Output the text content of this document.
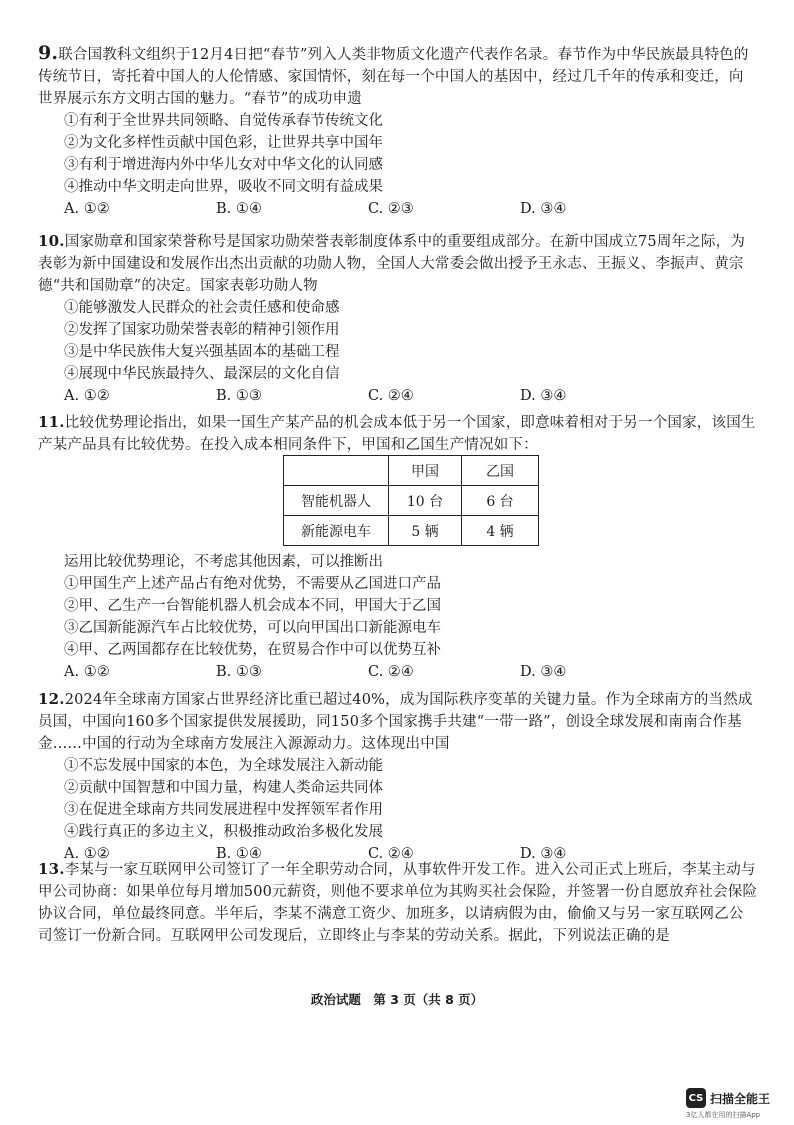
9.联合国教科文组织于12月4日把“春节”列入人类非物质文化遗产代表作名录。春节作为中华民族最具特色的传统节日，寄托着中国人的人伦情感、家国情怀，刻在每一个中国人的基因中，经过几千年的传承和变迁，向世界展示东方文明古国的魅力。“春节”的成功申遗
①有利于全世界共同领略、自觉传承春节传统文化
②为文化多样性贡献中国色彩，让世界共享中国年
③有利于增进海内外中华儿女对中华文化的认同感
④推动中华文明走向世界，吸收不同文明有益成果
A. ①②	B. ①④	C. ②③	D. ③④
10.国家勋章和国家荣誉称号是国家功勋荣誉表彰制度体系中的重要组成部分。在新中国成立75周年之际，为表彰为新中国建设和发展作出杰出贡献的功勋人物，全国人大常委会做出授予王永志、王振义、李振声、黄宗德“共和国勋章”的决定。国家表彰功勋人物
①能够激发人民群众的社会责任感和使命感
②发挥了国家功勋荣誉表彰的精神引领作用
③是中华民族伟大复兴强基固本的基础工程
④展现中华民族最持久、最深层的文化自信
A. ①②	B. ①③	C. ②④	D. ③④
11.比较优势理论指出，如果一国生产某产品的机会成本低于另一个国家，即意味着相对于另一个国家，该国生产某产品具有比较优势。在投入成本相同条件下，甲国和乙国生产情况如下：
	甲国	乙国
智能机器人	10 台	6 台
新能源电车	5 辆	4 辆
运用比较优势理论，不考虑其他因素，可以推断出
①甲国生产上述产品占有绝对优势，不需要从乙国进口产品
②甲、乙生产一台智能机器人机会成本不同，甲国大于乙国
③乙国新能源汽车占比较优势，可以向甲国出口新能源电车
④甲、乙两国都存在比较优势，在贸易合作中可以优势互补
A. ①②	B. ①③	C. ②④	D. ③④
12.2024年全球南方国家占世界经济比重已超过40%，成为国际秩序变革的关键力量。作为全球南方的当然成员国，中国向160多个国家提供发展援助，同150多个国家携手共建“一带一路”，创设全球发展和南南合作基金……中国的行动为全球南方发展注入源源动力。这体现出中国
①不忘发展中国家的本色，为全球发展注入新动能
②贡献中国智慧和中国力量，构建人类命运共同体
③在促进全球南方共同发展进程中发挥领军者作用
④践行真正的多边主义，积极推动政治多极化发展
A. ①②	B. ①④	C. ②④	D. ③④
13.李某与一家互联网甲公司签订了一年全职劳动合同，从事软件开发工作。进入公司正式上班后，李某主动与甲公司协商：如果单位每月增加500元薪资，则他不要求单位为其购买社会保险，并签署一份自愿放弃社会保险协议合同，单位最终同意。半年后，李某不满意工资少、加班多，以请病假为由，偷偷又与另一家互联网乙公司签订一份新合同。互联网甲公司发现后，立即终止与李某的劳动关系。据此，下列说法正确的是
政治试题　第 3 页（共 8 页）
CS 扫描全能王
3亿人都在用的扫描App
